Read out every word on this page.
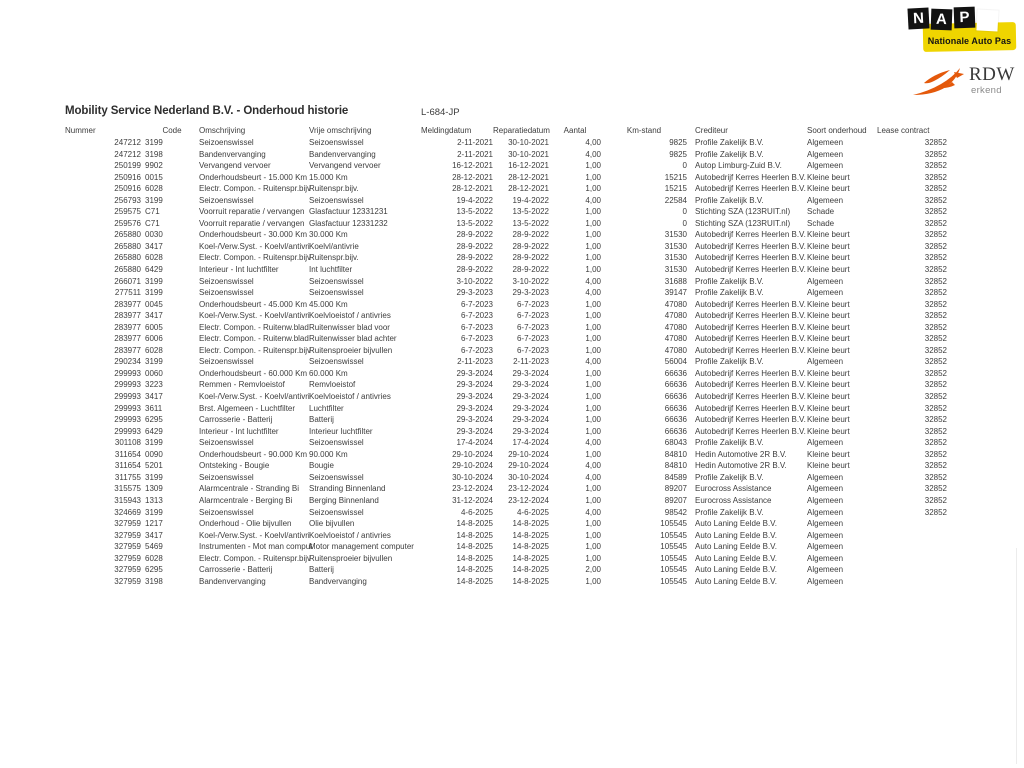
N A P
Nationale Auto Pas
RDW
erkend
Mobility Service Nederland B.V. - Onderhoud historie	L-684-JP
Nummer	Code	Omschrijving	Vrije omschrijving	Meldingdatum	Reparatiedatum	Aantal	Km-stand	Crediteur	Soort onderhoud	Lease contract
247212	3199	Seizoenswissel	Seizoenswissel	2-11-2021	30-10-2021	4,00	9825	Profile Zakelijk B.V.	Algemeen	32852
247212	3198	Bandenvervanging	Bandenvervanging	2-11-2021	30-10-2021	4,00	9825	Profile Zakelijk B.V.	Algemeen	32852
250199	9902	Vervangend vervoer	Vervangend vervoer	16-12-2021	16-12-2021	1,00	0	Autop Limburg-Zuid B.V.	Algemeen	32852
250916	0015	Onderhoudsbeurt - 15.000 Km	15.000 Km	28-12-2021	28-12-2021	1,00	15215	Autobedrijf Kerres Heerlen B.V.	Kleine beurt	32852
250916	6028	Electr. Compon. - Ruitenspr.bijv	Ruitenspr.bijv.	28-12-2021	28-12-2021	1,00	15215	Autobedrijf Kerres Heerlen B.V.	Kleine beurt	32852
256793	3199	Seizoenswissel	Seizoenswissel	19-4-2022	19-4-2022	4,00	22584	Profile Zakelijk B.V.	Algemeen	32852
259575	C71	Voorruit reparatie / vervangen	Glasfactuur 12331231	13-5-2022	13-5-2022	1,00	0	Stichting SZA (123RUIT.nl)	Schade	32852
259576	C71	Voorruit reparatie / vervangen	Glasfactuur 12331232	13-5-2022	13-5-2022	1,00	0	Stichting SZA (123RUIT.nl)	Schade	32852
265880	0030	Onderhoudsbeurt - 30.000 Km	30.000 Km	28-9-2022	28-9-2022	1,00	31530	Autobedrijf Kerres Heerlen B.V.	Kleine beurt	32852
265880	3417	Koel-/Verw.Syst. - Koelvl/antivri	Koelvl/antivrie	28-9-2022	28-9-2022	1,00	31530	Autobedrijf Kerres Heerlen B.V.	Kleine beurt	32852
265880	6028	Electr. Compon. - Ruitenspr.bijv	Ruitenspr.bijv.	28-9-2022	28-9-2022	1,00	31530	Autobedrijf Kerres Heerlen B.V.	Kleine beurt	32852
265880	6429	Interieur - Int luchtfilter	Int luchtfilter	28-9-2022	28-9-2022	1,00	31530	Autobedrijf Kerres Heerlen B.V.	Kleine beurt	32852
266071	3199	Seizoenswissel	Seizoenswissel	3-10-2022	3-10-2022	4,00	31688	Profile Zakelijk B.V.	Algemeen	32852
277511	3199	Seizoenswissel	Seizoenswissel	29-3-2023	29-3-2023	4,00	39147	Profile Zakelijk B.V.	Algemeen	32852
283977	0045	Onderhoudsbeurt - 45.000 Km	45.000 Km	6-7-2023	6-7-2023	1,00	47080	Autobedrijf Kerres Heerlen B.V.	Kleine beurt	32852
283977	3417	Koel-/Verw.Syst. - Koelvl/antivri	Koelvloeistof / antivries	6-7-2023	6-7-2023	1,00	47080	Autobedrijf Kerres Heerlen B.V.	Kleine beurt	32852
283977	6005	Electr. Compon. - Ruitenw.blad	Ruitenwisser blad voor	6-7-2023	6-7-2023	1,00	47080	Autobedrijf Kerres Heerlen B.V.	Kleine beurt	32852
283977	6006	Electr. Compon. - Ruitenw.blad	Ruitenwisser blad achter	6-7-2023	6-7-2023	1,00	47080	Autobedrijf Kerres Heerlen B.V.	Kleine beurt	32852
283977	6028	Electr. Compon. - Ruitenspr.bijv	Ruitensproeier bijvullen	6-7-2023	6-7-2023	1,00	47080	Autobedrijf Kerres Heerlen B.V.	Kleine beurt	32852
290234	3199	Seizoenswissel	Seizoenswissel	2-11-2023	2-11-2023	4,00	56004	Profile Zakelijk B.V.	Algemeen	32852
299993	0060	Onderhoudsbeurt - 60.000 Km	60.000 Km	29-3-2024	29-3-2024	1,00	66636	Autobedrijf Kerres Heerlen B.V.	Kleine beurt	32852
299993	3223	Remmen - Remvloeistof	Remvloeistof	29-3-2024	29-3-2024	1,00	66636	Autobedrijf Kerres Heerlen B.V.	Kleine beurt	32852
299993	3417	Koel-/Verw.Syst. - Koelvl/antivri	Koelvloeistof / antivries	29-3-2024	29-3-2024	1,00	66636	Autobedrijf Kerres Heerlen B.V.	Kleine beurt	32852
299993	3611	Brst. Algemeen - Luchtfilter	Luchtfilter	29-3-2024	29-3-2024	1,00	66636	Autobedrijf Kerres Heerlen B.V.	Kleine beurt	32852
299993	6295	Carrosserie - Batterij	Batterij	29-3-2024	29-3-2024	1,00	66636	Autobedrijf Kerres Heerlen B.V.	Kleine beurt	32852
299993	6429	Interieur - Int luchtfilter	Interieur luchtfilter	29-3-2024	29-3-2024	1,00	66636	Autobedrijf Kerres Heerlen B.V.	Kleine beurt	32852
301108	3199	Seizoenswissel	Seizoenswissel	17-4-2024	17-4-2024	4,00	68043	Profile Zakelijk B.V.	Algemeen	32852
311654	0090	Onderhoudsbeurt - 90.000 Km	90.000 Km	29-10-2024	29-10-2024	1,00	84810	Hedin Automotive 2R B.V.	Kleine beurt	32852
311654	5201	Ontsteking - Bougie	Bougie	29-10-2024	29-10-2024	4,00	84810	Hedin Automotive 2R B.V.	Kleine beurt	32852
311755	3199	Seizoenswissel	Seizoenswissel	30-10-2024	30-10-2024	4,00	84589	Profile Zakelijk B.V.	Algemeen	32852
315575	1309	Alarmcentrale - Stranding Bi	Stranding Binnenland	23-12-2024	23-12-2024	1,00	89207	Eurocross Assistance	Algemeen	32852
315943	1313	Alarmcentrale - Berging Bi	Berging Binnenland	31-12-2024	23-12-2024	1,00	89207	Eurocross Assistance	Algemeen	32852
324669	3199	Seizoenswissel	Seizoenswissel	4-6-2025	4-6-2025	4,00	98542	Profile Zakelijk B.V.	Algemeen	32852
327959	1217	Onderhoud - Olie bijvullen	Olie bijvullen	14-8-2025	14-8-2025	1,00	105545	Auto Laning Eelde B.V.	Algemeen	
327959	3417	Koel-/Verw.Syst. - Koelvl/antivri	Koelvloeistof / antivries	14-8-2025	14-8-2025	1,00	105545	Auto Laning Eelde B.V.	Algemeen	
327959	5469	Instrumenten - Mot man comput	Motor management computer	14-8-2025	14-8-2025	1,00	105545	Auto Laning Eelde B.V.	Algemeen	
327959	6028	Electr. Compon. - Ruitenspr.bijv	Ruitensproeier bijvullen	14-8-2025	14-8-2025	1,00	105545	Auto Laning Eelde B.V.	Algemeen	
327959	6295	Carrosserie - Batterij	Batterij	14-8-2025	14-8-2025	2,00	105545	Auto Laning Eelde B.V.	Algemeen	
327959	3198	Bandenvervanging	Bandvervanging	14-8-2025	14-8-2025	1,00	105545	Auto Laning Eelde B.V.	Algemeen	
